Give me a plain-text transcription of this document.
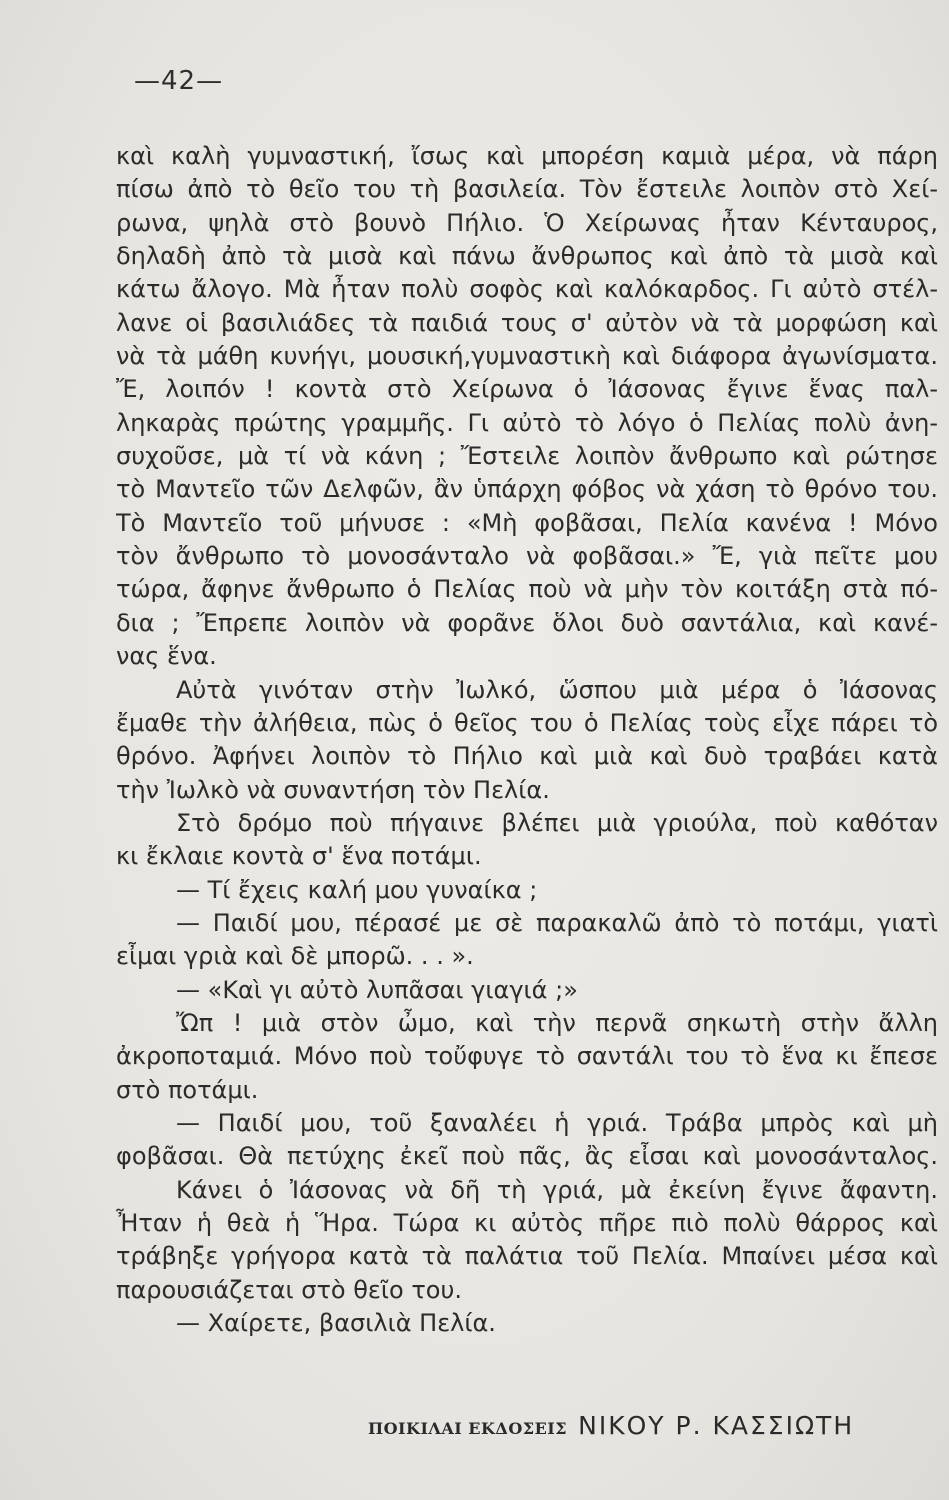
—42—
καὶ καλὴ γυμναστική, ἴσως καὶ μπορέση καμιὰ μέρα, νὰ πάρη
πίσω ἀπὸ τὸ θεῖο του τὴ βασιλεία. Τὸν ἔστειλε λοιπὸν στὸ Χεί-
ρωνα, ψηλὰ στὸ βουνὸ Πήλιο. Ὁ Χείρωνας ἦταν Κένταυρος,
δηλαδὴ ἀπὸ τὰ μισὰ καὶ πάνω ἄνθρωπος καὶ ἀπὸ τὰ μισὰ καὶ
κάτω ἄλογο. Μὰ ἦταν πολὺ σοφὸς καὶ καλόκαρδος. Γι αὐτὸ στέλ-
λανε οἱ βασιλιάδες τὰ παιδιά τους σ' αὐτὸν νὰ τὰ μορφώση καὶ
νὰ τὰ μάθη κυνήγι, μουσική,γυμναστικὴ καὶ διάφορα ἀγωνίσματα.
Ἔ, λοιπόν ! κοντὰ στὸ Χείρωνα ὁ Ἰάσονας ἔγινε ἕνας παλ-
ληκαρὰς πρώτης γραμμῆς. Γι αὐτὸ τὸ λόγο ὁ Πελίας πολὺ ἀνη-
συχοῦσε, μὰ τί νὰ κάνη ; Ἔστειλε λοιπὸν ἄνθρωπο καὶ ρώτησε
τὸ Μαντεῖο τῶν Δελφῶν, ἂν ὑπάρχη φόβος νὰ χάση τὸ θρόνο του.
Τὸ Μαντεῖο τοῦ μήνυσε : «Μὴ φοβᾶσαι, Πελία κανένα ! Μόνο
τὸν ἄνθρωπο τὸ μονοσάνταλο νὰ φοβᾶσαι.» Ἔ, γιὰ πεῖτε μου
τώρα, ἄφηνε ἄνθρωπο ὁ Πελίας ποὺ νὰ μὴν τὸν κοιτάξη στὰ πό-
δια ; Ἔπρεπε λοιπὸν νὰ φορᾶνε ὅλοι δυὸ σαντάλια, καὶ κανέ-
νας ἕνα.
Αὐτὰ γινόταν στὴν Ἰωλκό, ὥσπου μιὰ μέρα ὁ Ἰάσονας
ἔμαθε τὴν ἀλήθεια, πὼς ὁ θεῖος του ὁ Πελίας τοὺς εἶχε πάρει τὸ
θρόνο. Ἀφήνει λοιπὸν τὸ Πήλιο καὶ μιὰ καὶ δυὸ τραβάει κατὰ
τὴν Ἰωλκὸ νὰ συναντήση τὸν Πελία.
Στὸ δρόμο ποὺ πήγαινε βλέπει μιὰ γριούλα, ποὺ καθόταν
κι ἔκλαιε κοντὰ σ' ἕνα ποτάμι.
— Τί ἔχεις καλή μου γυναίκα ;
— Παιδί μου, πέρασέ με σὲ παρακαλῶ ἀπὸ τὸ ποτάμι, γιατὶ
εἶμαι γριὰ καὶ δὲ μπορῶ. . . ».
— «Καὶ γι αὐτὸ λυπᾶσαι γιαγιά ;»
Ὤπ ! μιὰ στὸν ὦμο, καὶ τὴν περνᾶ σηκωτὴ στὴν ἄλλη
ἀκροποταμιά. Μόνο ποὺ τοὔφυγε τὸ σαντάλι του τὸ ἕνα κι ἔπεσε
στὸ ποτάμι.
— Παιδί μου, τοῦ ξαναλέει ἡ γριά. Τράβα μπρὸς καὶ μὴ
φοβᾶσαι. Θὰ πετύχης ἐκεῖ ποὺ πᾶς, ἂς εἶσαι καὶ μονοσάνταλος.
Κάνει ὁ Ἰάσονας νὰ δῆ τὴ γριά, μὰ ἐκείνη ἔγινε ἄφαντη.
Ἦταν ἡ θεὰ ἡ Ἥρα. Τώρα κι αὐτὸς πῆρε πιὸ πολὺ θάρρος καὶ
τράβηξε γρήγορα κατὰ τὰ παλάτια τοῦ Πελία. Μπαίνει μέσα καὶ
παρουσιάζεται στὸ θεῖο του.
— Χαίρετε, βασιλιὰ Πελία.
ΠΟΙΚΙΛΑΙ ΕΚΔΟΣΕΙΣ ΝΙΚΟΥ Ρ. ΚΑΣΣΙΩΤΗ
